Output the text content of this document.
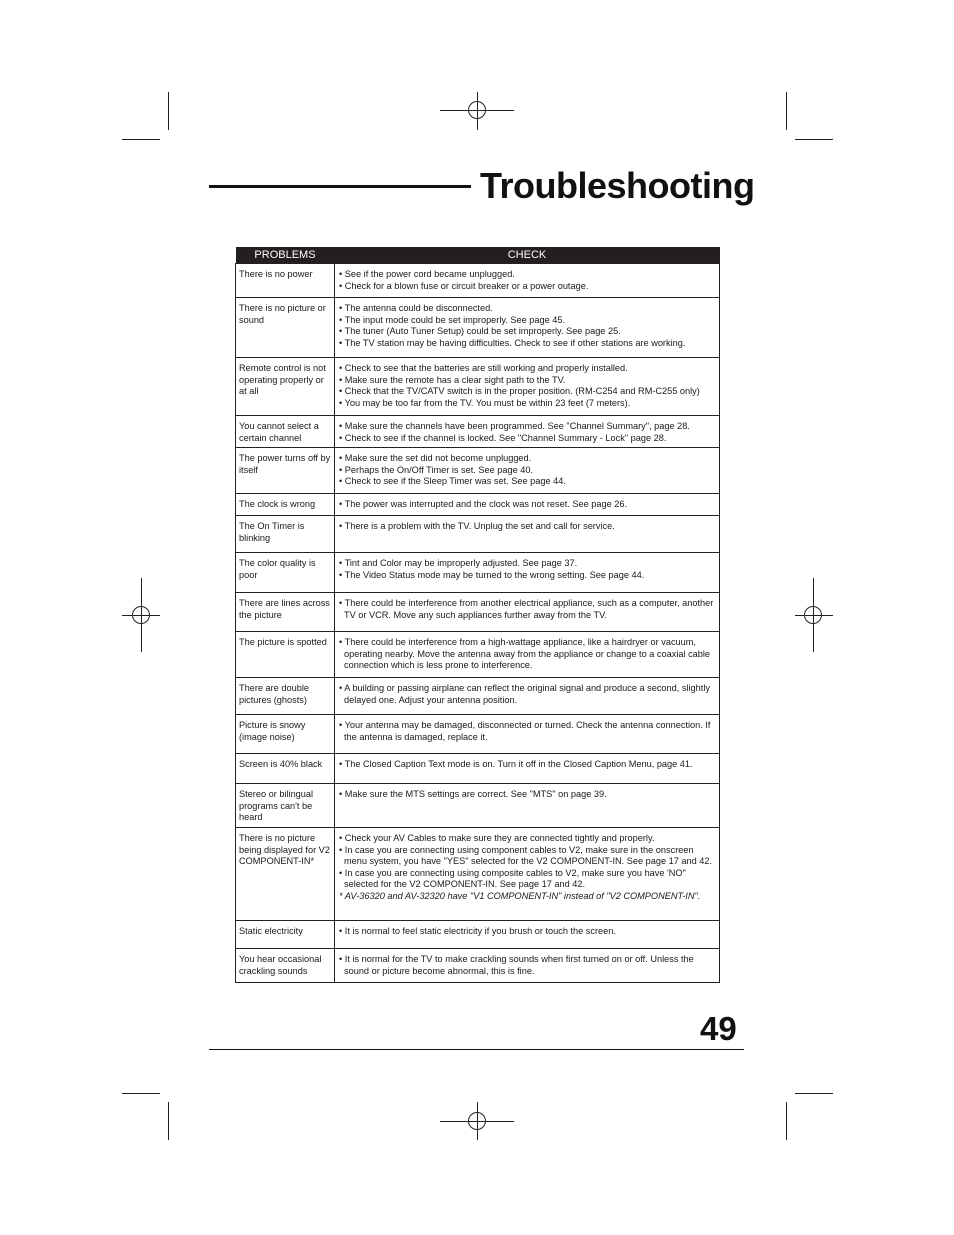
Troubleshooting
PROBLEMS	CHECK
There is no power	• See if the power cord became unplugged.
• Check for a blown fuse or circuit breaker or a power outage.

There is no picture or sound	• The antenna could be disconnected.
• The input mode could be set improperly. See page 45.
• The tuner (Auto Tuner Setup) could be set improperly. See page 25.
• The TV station may be having difficulties. Check to see if other stations are working.

Remote control is not operating properly or at all	• Check to see that the batteries are still working and properly installed.
• Make sure the remote has a clear sight path to the TV.
• Check that the TV/CATV switch is in the proper position. (RM-C254 and RM-C255 only)
• You may be too far from the TV. You must be within 23 feet (7 meters).

You cannot select a certain channel	• Make sure the channels have been programmed. See "Channel Summary", page 28.
• Check to see if the channel is locked. See "Channel Summary - Lock" page 28.

The power turns off by itself	• Make sure the set did not become unplugged.
• Perhaps the On/Off Timer is set. See page 40.
• Check to see if the Sleep Timer was set. See page 44.

The clock is wrong	• The power was interrupted and the clock was not reset. See page 26.

The On Timer is blinking	• There is a problem with the TV. Unplug the set and call for service.

The color quality is poor	• Tint and Color may be improperly adjusted. See page 37.
• The Video Status mode may be turned to the wrong setting. See page 44.

There are lines across the picture	• There could be interference from another electrical appliance, such as a computer, another TV or VCR. Move any such appliances further away from the TV.

The picture is spotted	• There could be interference from a high-wattage appliance, like a hairdryer or vacuum, operating nearby. Move the antenna away from the appliance or change to a coaxial cable connection which is less prone to interference.

There are double pictures (ghosts)	• A building or passing airplane can reflect the original signal and produce a second, slightly delayed one. Adjust your antenna position.

Picture is snowy (image noise)	• Your antenna may be damaged, disconnected or turned. Check the antenna connection. If the antenna is damaged, replace it.

Screen is 40% black	• The Closed Caption Text mode is on. Turn it off in the Closed Caption Menu, page 41.

Stereo or bilingual programs can't be heard	• Make sure the MTS settings are correct. See "MTS" on page 39.

There is no picture being displayed for V2 COMPONENT-IN*	• Check your AV Cables to make sure they are connected tightly and properly.
• In case you are connecting using component cables to V2, make sure in the onscreen menu system, you have "YES" selected for the V2 COMPONENT-IN. See page 17 and 42.
• In case you are connecting using composite cables to V2, make sure you have 'NO" selected for the V2 COMPONENT-IN. See page 17 and 42.
* AV-36320 and AV-32320 have "V1 COMPONENT-IN" instead of "V2 COMPONENT-IN".

Static electricity	• It is normal to feel static electricity if you brush or touch the screen.

You hear occasional crackling sounds	• It is normal for the TV to make crackling sounds when first turned on or off. Unless the sound or picture become abnormal, this is fine.
49
